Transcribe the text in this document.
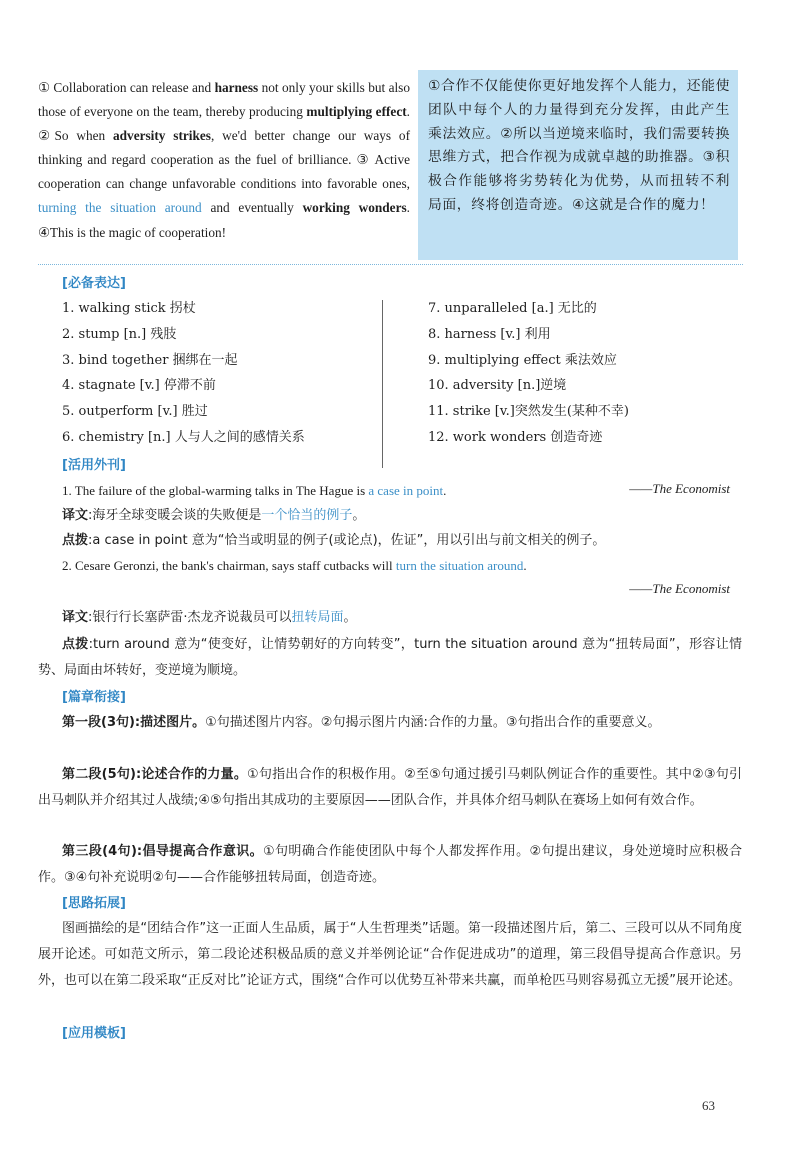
① Collaboration can release and harness not only your skills but also those of everyone on the team, thereby producing multiplying effect. ②So when adversity strikes, we'd better change our ways of thinking and regard cooperation as the fuel of brilliance. ③ Active cooperation can change unfavorable conditions into favorable ones, turning the situation around and eventually working wonders. ④This is the magic of cooperation!
①合作不仅能使你更好地发挥个人能力，还能使团队中每个人的力量得到充分发挥，由此产生乘法效应。②所以当逆境来临时，我们需要转换思维方式，把合作视为成就卓越的助推器。③积极合作能够将劣势转化为优势，从而扭转不利局面，终将创造奇迹。④这就是合作的魔力！
[必备表达]
1. walking stick 拐杖
2. stump [n.] 残肢
3. bind together 捆绑在一起
4. stagnate [v.] 停滞不前
5. outperform [v.] 胜过
6. chemistry [n.] 人与人之间的感情关系
7. unparalleled [a.] 无比的
8. harness [v.] 利用
9. multiplying effect 乘法效应
10. adversity [n.]逆境
11. strike [v.]突然发生(某种不幸)
12. work wonders 创造奇迹
[活用外刊]
1. The failure of the global-warming talks in The Hague is a case in point.	——The Economist
译文:海牙全球变暖会谈的失败便是一个恰当的例子。
点拨:a case in point 意为“恰当或明显的例子(或论点)，佐证”，用以引出与前文相关的例子。
2. Cesare Geronzi, the bank's chairman, says staff cutbacks will turn the situation around.
——The Economist
译文:银行行长塞萨雷·杰龙齐说裁员可以扭转局面。
点拨:turn around 意为“使变好，让情势朝好的方向转变”，turn the situation around 意为“扭转局面”，形容让情势、局面由坏转好，变逆境为顺境。
[篇章衔接]
第一段(3句):描述图片。①句描述图片内容。②句揭示图片内涵:合作的力量。③句指出合作的重要意义。
第二段(5句):论述合作的力量。①句指出合作的积极作用。②至⑤句通过援引马刺队例证合作的重要性。其中②③句引出马刺队并介绍其过人战绩;④⑤句指出其成功的主要原因——团队合作，并具体介绍马刺队在赛场上如何有效合作。
第三段(4句):倡导提高合作意识。①句明确合作能使团队中每个人都发挥作用。②句提出建议，身处逆境时应积极合作。③④句补充说明②句——合作能够扭转局面，创造奇迹。
[思路拓展]
图画描绘的是“团结合作”这一正面人生品质，属于“人生哲理类”话题。第一段描述图片后，第二、三段可以从不同角度展开论述。可如范文所示，第二段论述积极品质的意义并举例论证“合作促进成功”的道理，第三段倡导提高合作意识。另外，也可以在第二段采取“正反对比”论证方式，围绕“合作可以优势互补带来共赢，而单枪匹马则容易孤立无援”展开论述。
[应用模板]
63
